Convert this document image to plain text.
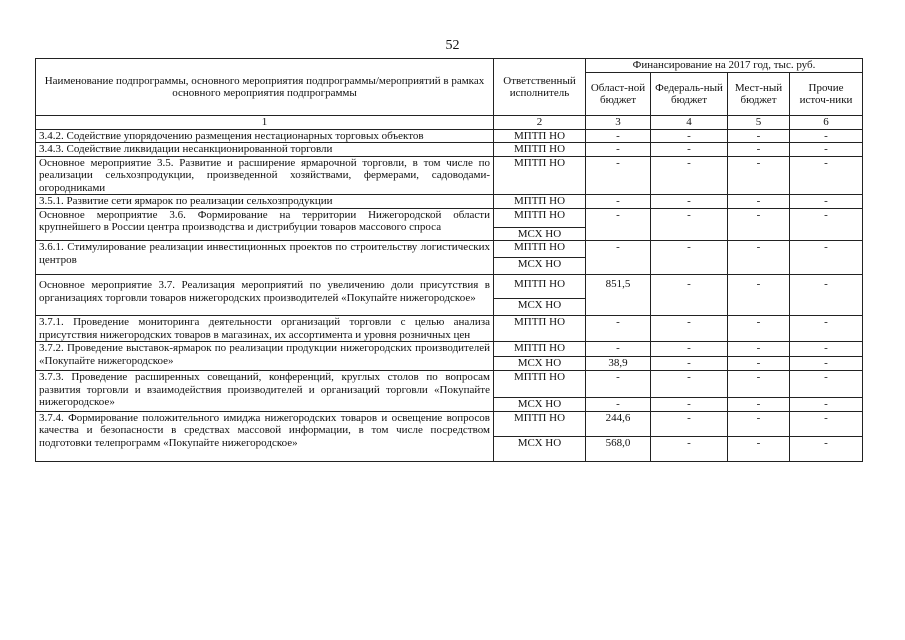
52
Наименование подпрограммы, основного мероприятия подпрограммы/мероприятий в рамках основного мероприятия подпрограммы	Ответственный исполнитель	Финансирование на 2017 год, тыс. руб.			
		Област-ной бюджет	Федераль-ный бюджет	Мест-ный бюджет	Прочие источ-ники
1	2	3	4	5	6
3.4.2. Содействие упорядочению размещения нестационарных торговых объектов	МПТП НО	-	-	-	-
3.4.3. Содействие ликвидации несанкционированной торговли	МПТП НО	-	-	-	-
Основное мероприятие 3.5. Развитие и расширение ярмарочной торговли, в том числе по реализации сельхозпродукции, произведенной хозяйствами, фермерами, садоводами-огородниками	МПТП НО	-	-	-	-
3.5.1. Развитие сети ярмарок по реализации сельхозпродукции	МПТП НО	-	-	-	-
Основное мероприятие 3.6. Формирование на территории Нижегородской области крупнейшего в России центра производства и дистрибуции товаров массового спроса	МПТП НО	-	-	-	-
	МСХ НО				
3.6.1. Стимулирование реализации инвестиционных проектов по строительству логистических центров	МПТП НО	-	-	-	-
	МСХ НО				
Основное мероприятие 3.7. Реализация мероприятий по увеличению доли присутствия в организациях торговли товаров нижегородских производителей «Покупайте нижегородское»	МПТП НО	851,5	-	-	-
	МСХ НО				
3.7.1. Проведение мониторинга деятельности организаций торговли с целью анализа присутствия нижегородских товаров в магазинах, их ассортимента и уровня розничных цен	МПТП НО	-	-	-	-
3.7.2. Проведение выставок-ярмарок по реализации продукции нижегородских производителей «Покупайте нижегородское»	МПТП НО	-	-	-	-
	МСХ НО	38,9	-	-	-
3.7.3. Проведение расширенных совещаний, конференций, круглых столов по вопросам развития торговли и взаимодействия производителей и организаций торговли «Покупайте нижегородское»	МПТП НО	-	-	-	-
	МСХ НО	-	-	-	-
3.7.4. Формирование положительного имиджа нижегородских товаров и освещение вопросов качества и безопасности в средствах массовой информации, в том числе посредством подготовки телепрограмм «Покупайте нижегородское»	МПТП НО	244,6	-	-	-
	МСХ НО	568,0	-	-	-
